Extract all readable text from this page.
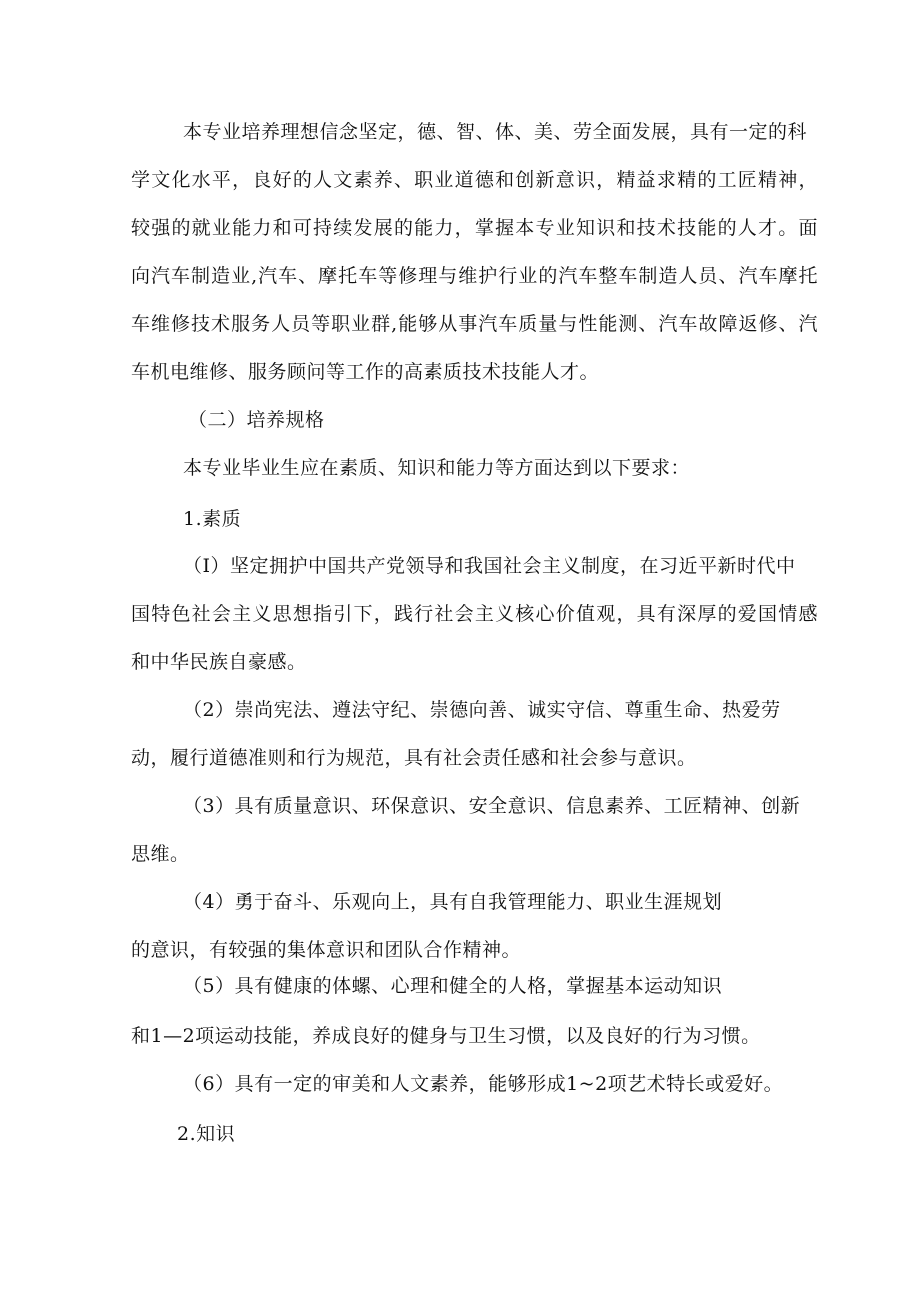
本专业培养理想信念坚定，德、智、体、美、劳全面发展，具有一定的科
学文化水平，良好的人文素养、职业道德和创新意识，精益求精的工匠精神，
较强的就业能力和可持续发展的能力，掌握本专业知识和技术技能的人才。面
向汽车制造业,汽车、摩托车等修理与维护行业的汽车整车制造人员、汽车摩托
车维修技术服务人员等职业群,能够从事汽车质量与性能测、汽车故障返修、汽
车机电维修、服务顾问等工作的高素质技术技能人才。
（二）培养规格
本专业毕业生应在素质、知识和能力等方面达到以下要求：
1.素质
（I）坚定拥护中国共产党领导和我国社会主义制度，在习近平新时代中
国特色社会主义思想指引下，践行社会主义核心价值观，具有深厚的爱国情感
和中华民族自豪感。
（2）崇尚宪法、遵法守纪、崇德向善、诚实守信、尊重生命、热爱劳
动，履行道德准则和行为规范，具有社会责任感和社会参与意识。
（3）具有质量意识、环保意识、安全意识、信息素养、工匠精神、创新
思维。
（4）勇于奋斗、乐观向上，具有自我管理能力、职业生涯规划
的意识，有较强的集体意识和团队合作精神。
（5）具有健康的体螺、心理和健全的人格，掌握基本运动知识
和1—2项运动技能，养成良好的健身与卫生习惯，以及良好的行为习惯。
（6）具有一定的审美和人文素养，能够形成1~2项艺术特长或爱好。
2.知识
